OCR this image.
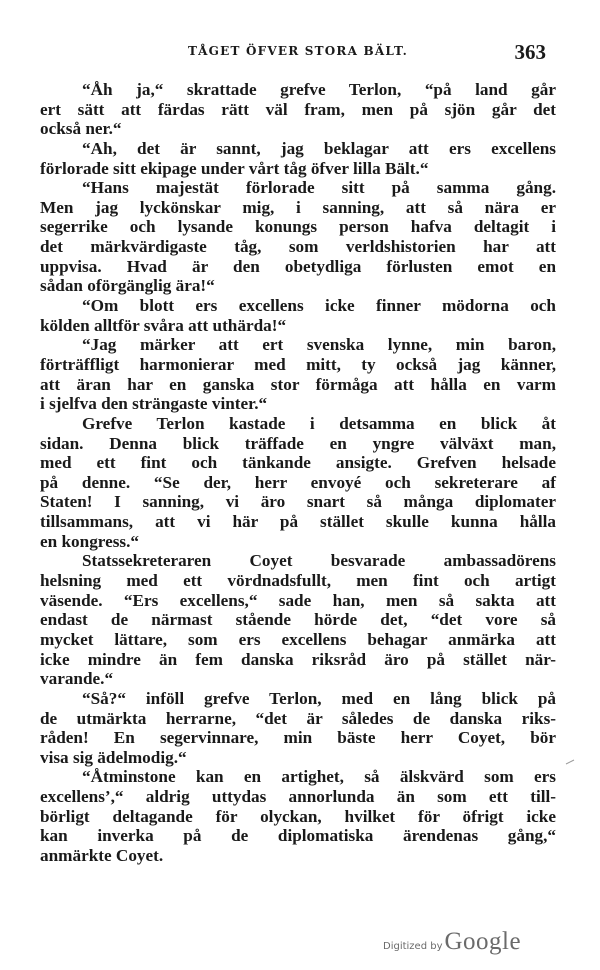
TÅGET ÖFVER STORA BÄLT.	363
“Åh ja,“ skrattade grefve Terlon, “på land går
ert sätt att färdas rätt väl fram, men på sjön går det
också ner.“
“Ah, det är sannt, jag beklagar att ers excellens
förlorade sitt ekipage under vårt tåg öfver lilla Bält.“
“Hans majestät förlorade sitt på samma gång.
Men jag lyckönskar mig, i sanning, att så nära er
segerrike och lysande konungs person hafva deltagit i
det märkvärdigaste tåg, som verldshistorien har att
uppvisa. Hvad är den obetydliga förlusten emot en
sådan oförgänglig ära!“
“Om blott ers excellens icke finner mödorna och
kölden alltför svåra att uthärda!“
“Jag märker att ert svenska lynne, min baron,
förträffligt harmonierar med mitt, ty också jag känner,
att äran har en ganska stor förmåga att hålla en varm
i sjelfva den strängaste vinter.“
Grefve Terlon kastade i detsamma en blick åt
sidan. Denna blick träffade en yngre välväxt man,
med ett fint och tänkande ansigte. Grefven helsade
på denne. “Se der, herr envoyé och sekreterare af
Staten! I sanning, vi äro snart så många diplomater
tillsammans, att vi här på stället skulle kunna hålla
en kongress.“
Statssekreteraren Coyet besvarade ambassadörens
helsning med ett vördnadsfullt, men fint och artigt
väsende. “Ers excellens,“ sade han, men så sakta att
endast de närmast stående hörde det, “det vore så
mycket lättare, som ers excellens behagar anmärka att
icke mindre än fem danska riksråd äro på stället när-
varande.“
“Så?“ inföll grefve Terlon, med en lång blick på
de utmärkta herrarne, “det är således de danska riks-
råden! En segervinnare, min bäste herr Coyet, bör
visa sig ädelmodig.“
“Åtminstone kan en artighet, så älskvärd som ers
excellens’,“ aldrig uttydas annorlunda än som ett till-
börligt deltagande för olyckan, hvilket för öfrigt icke
kan inverka på de diplomatiska ärendenas gång,“
anmärkte Coyet.
Digitized by Google
